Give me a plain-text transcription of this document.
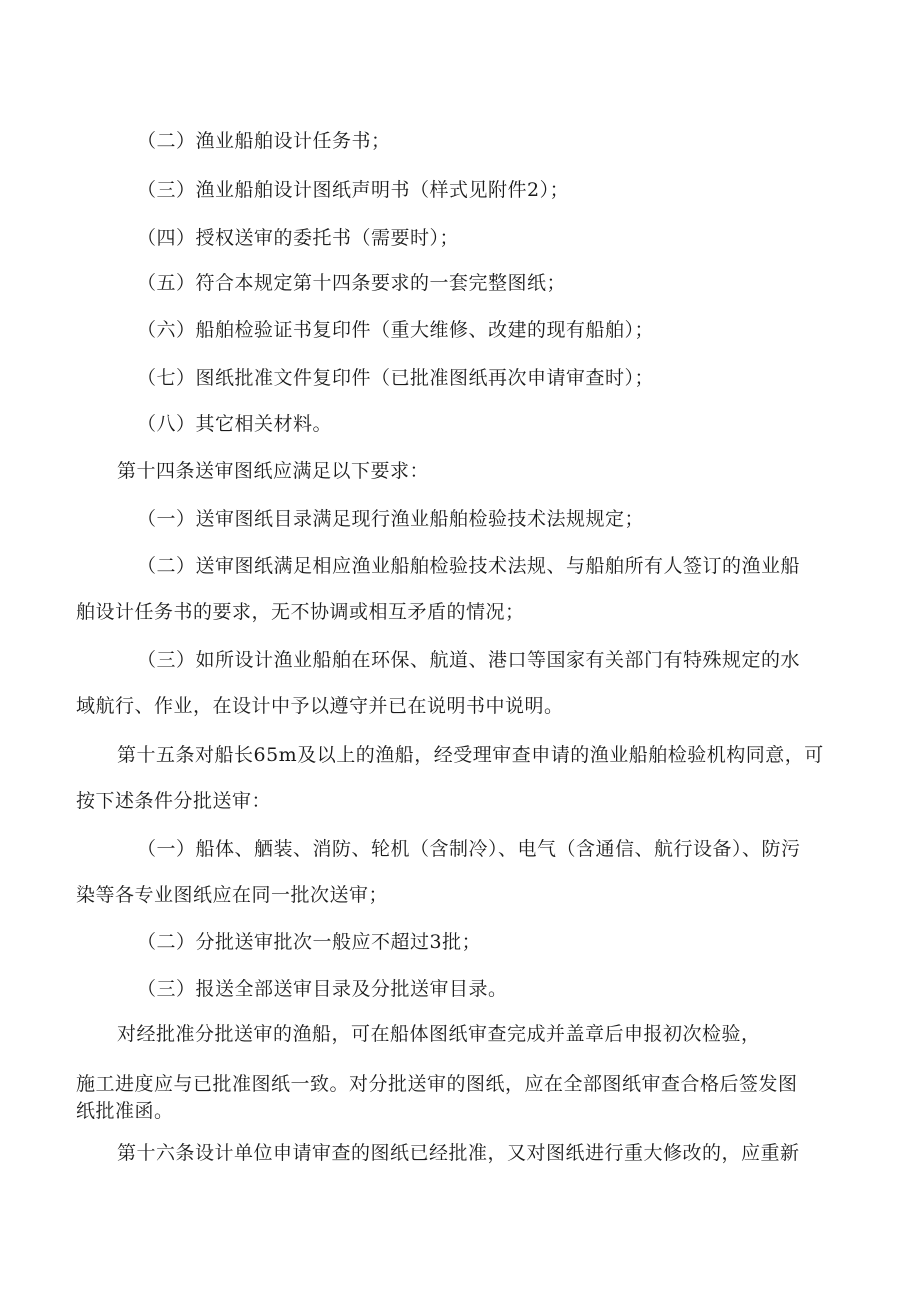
（二）渔业船舶设计任务书；
（三）渔业船舶设计图纸声明书（样式见附件2）；
（四）授权送审的委托书（需要时）；
（五）符合本规定第十四条要求的一套完整图纸；
（六）船舶检验证书复印件（重大维修、改建的现有船舶）；
（七）图纸批准文件复印件（已批准图纸再次申请审查时）；
（八）其它相关材料。
第十四条送审图纸应满足以下要求：
（一）送审图纸目录满足现行渔业船舶检验技术法规规定；
（二）送审图纸满足相应渔业船舶检验技术法规、与船舶所有人签订的渔业船
舶设计任务书的要求，无不协调或相互矛盾的情况；
（三）如所设计渔业船舶在环保、航道、港口等国家有关部门有特殊规定的水
域航行、作业，在设计中予以遵守并已在说明书中说明。
第十五条对船长65m及以上的渔船，经受理审查申请的渔业船舶检验机构同意，可
按下述条件分批送审：
（一）船体、舾装、消防、轮机（含制冷）、电气（含通信、航行设备）、防污
染等各专业图纸应在同一批次送审；
（二）分批送审批次一般应不超过3批；
（三）报送全部送审目录及分批送审目录。
对经批准分批送审的渔船，可在船体图纸审查完成并盖章后申报初次检验，
施工进度应与已批准图纸一致。对分批送审的图纸，应在全部图纸审查合格后签发图
纸批准函。
第十六条设计单位申请审查的图纸已经批准，又对图纸进行重大修改的，应重新
